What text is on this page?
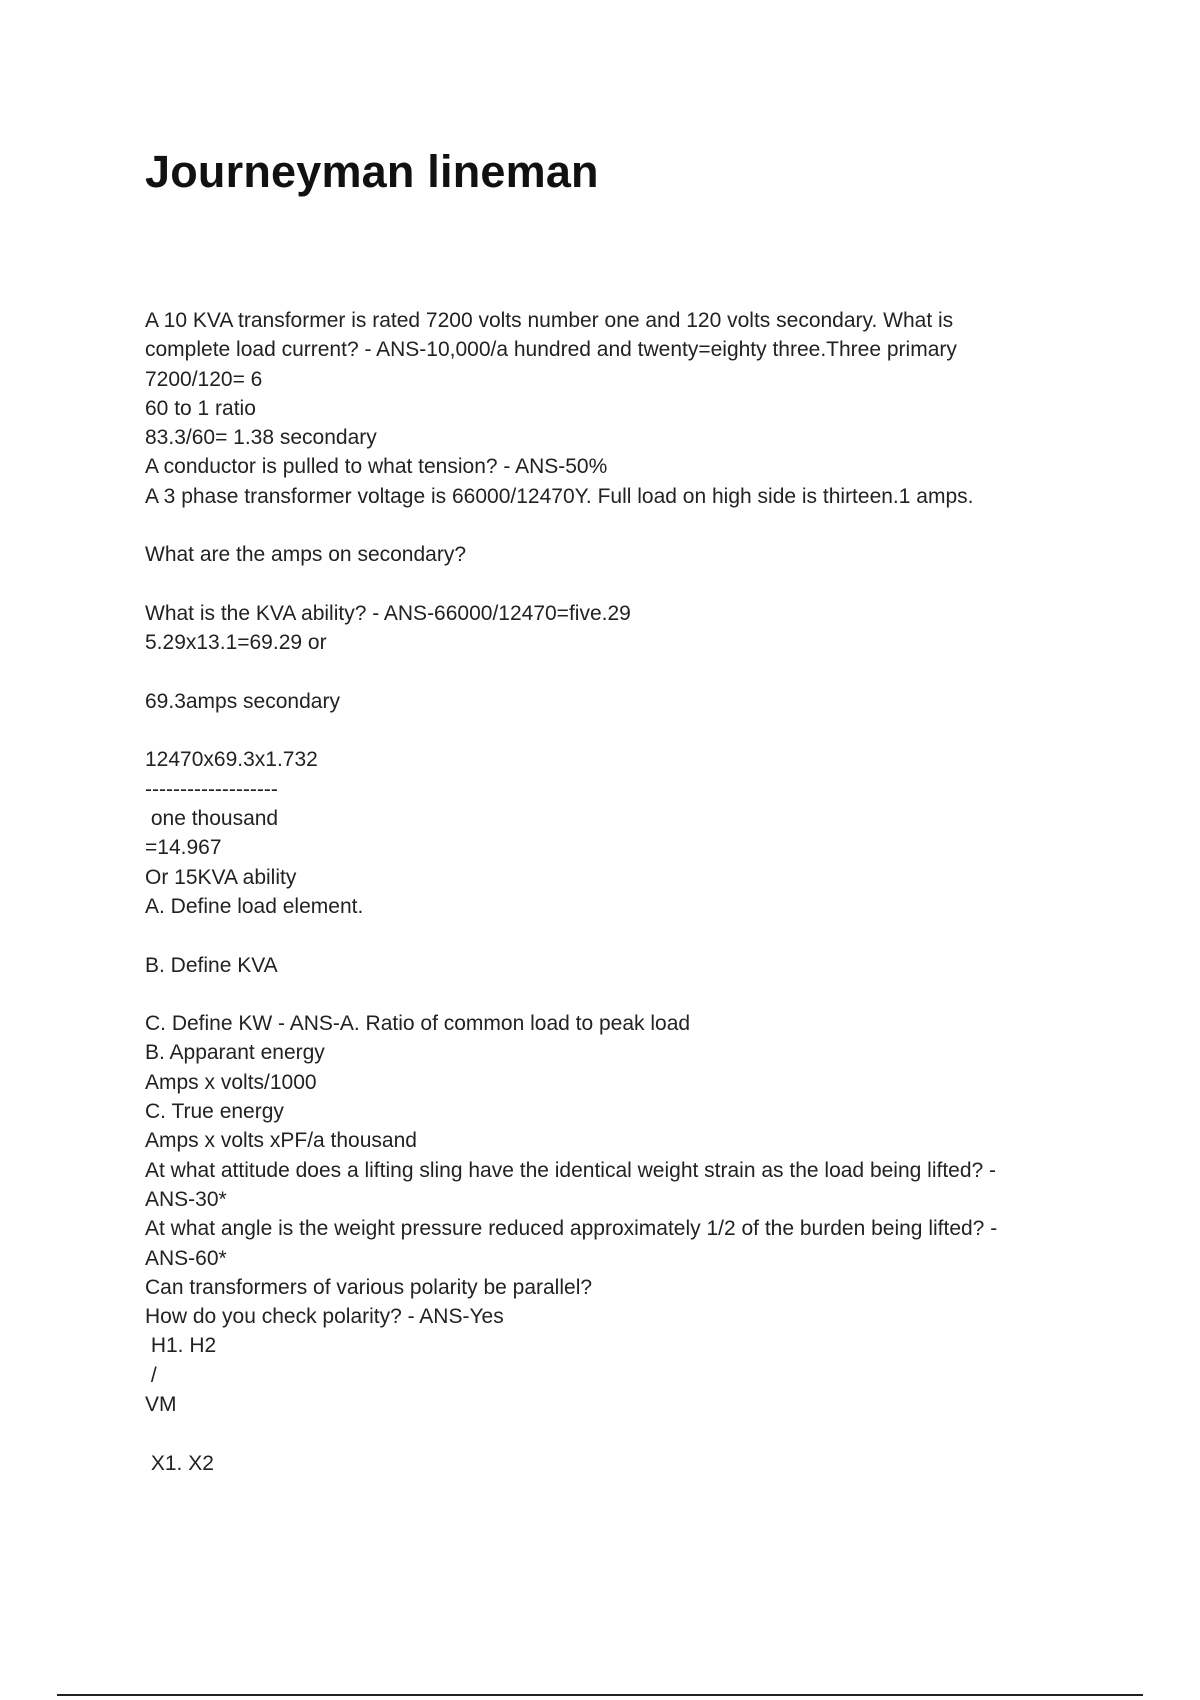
Journeyman lineman
A 10 KVA transformer is rated 7200 volts number one and 120 volts secondary. What is
complete load current? - ANS-10,000/a hundred and twenty=eighty three.Three primary
7200/120= 6
60 to 1 ratio
83.3/60= 1.38 secondary
A conductor is pulled to what tension? - ANS-50%
A 3 phase transformer voltage is 66000/12470Y. Full load on high side is thirteen.1 amps.
What are the amps on secondary?
What is the KVA ability? - ANS-66000/12470=five.29
5.29x13.1=69.29 or
69.3amps secondary
12470x69.3x1.732
-------------------
one thousand
=14.967
Or 15KVA ability
A. Define load element.
B. Define KVA
C. Define KW - ANS-A. Ratio of common load to peak load
B. Apparant energy
Amps x volts/1000
C. True energy
Amps x volts xPF/a thousand
At what attitude does a lifting sling have the identical weight strain as the load being lifted? -
ANS-30*
At what angle is the weight pressure reduced approximately 1/2 of the burden being lifted? -
ANS-60*
Can transformers of various polarity be parallel?
How do you check polarity? - ANS-Yes
H1. H2
/
VM
X1. X2
